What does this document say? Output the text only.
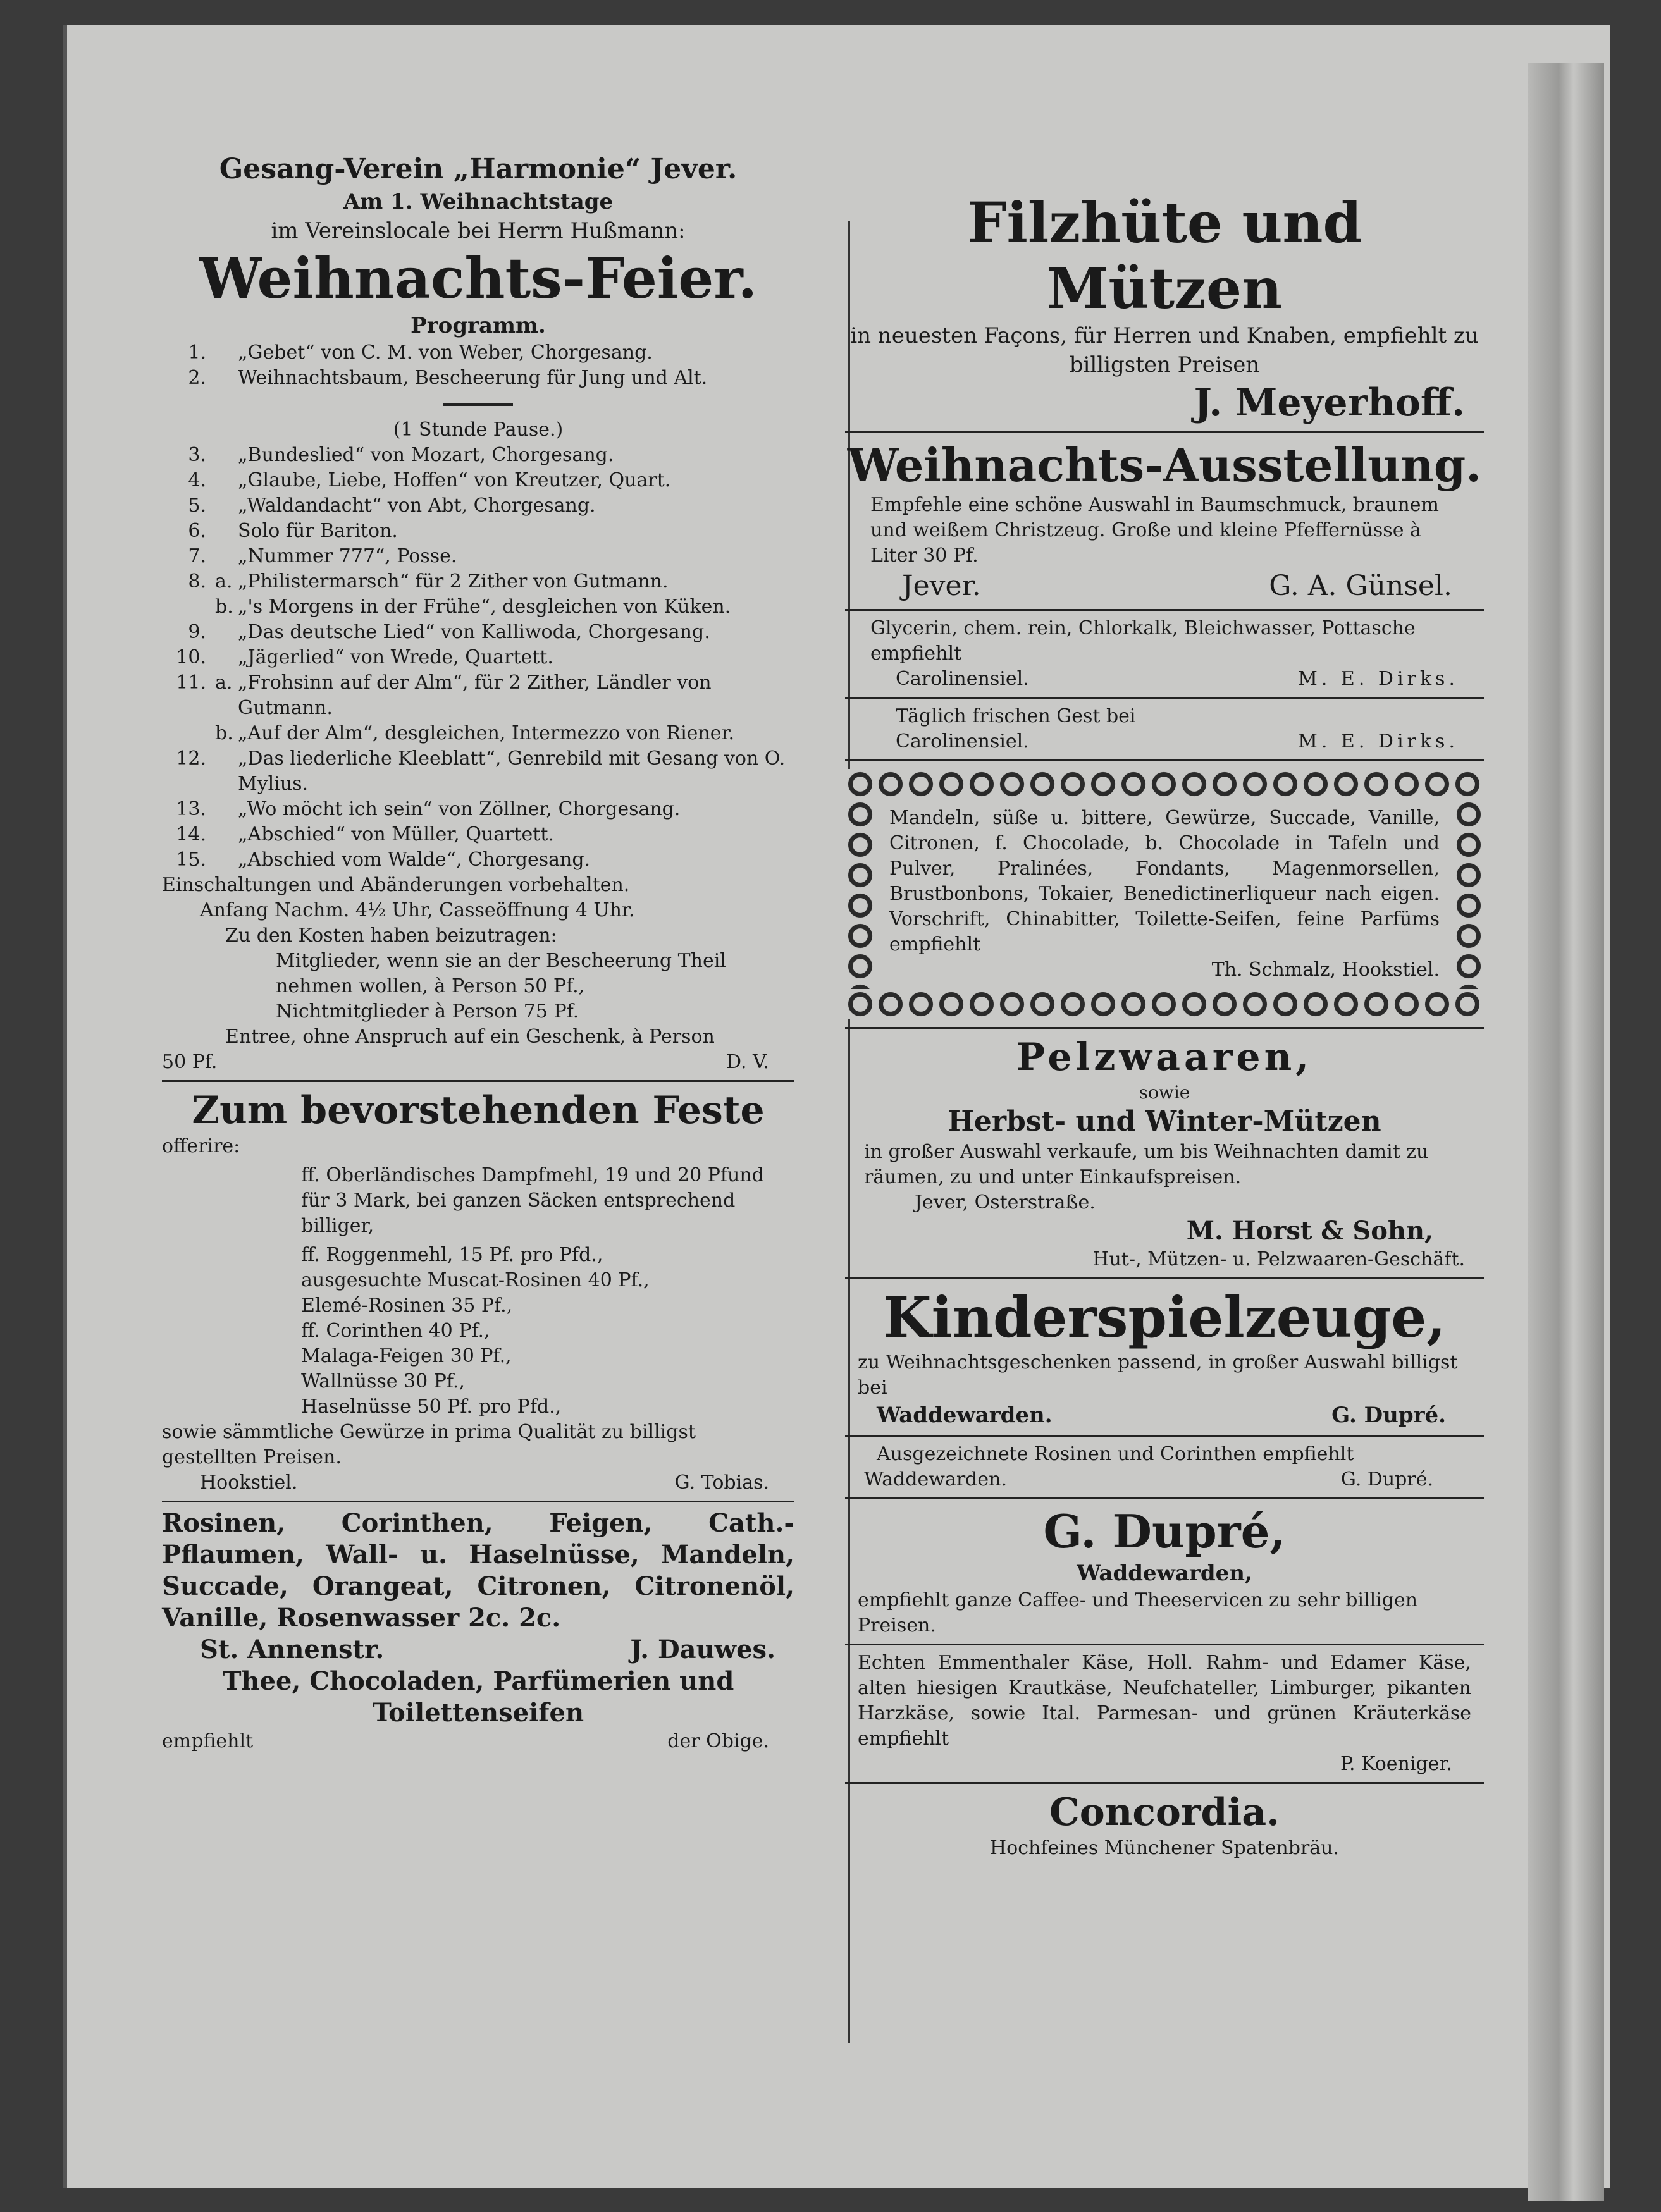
Gesang-Verein „Harmonie“ Jever.
Am 1. Weihnachtstage
im Vereinslocale bei Herrn Hußmann:
Weihnachts-Feier.
Programm.
1.	„Gebet“ von C. M. von Weber, Chorgesang.
2.	Weihnachtsbaum, Bescheerung für Jung und Alt.
(1 Stunde Pause.)
3.	„Bundeslied“ von Mozart, Chorgesang.
4.	„Glaube, Liebe, Hoffen“ von Kreutzer, Quart.
5.	„Waldandacht“ von Abt, Chorgesang.
6.	Solo für Bariton.
7.	„Nummer 777“, Posse.
8. a. „Philistermarsch“ für 2 Zither von Gutmann.
b. „'s Morgens in der Frühe“, desgleichen von Küken.
9.	„Das deutsche Lied“ von Kalliwoda, Chorgesang.
10.	„Jägerlied“ von Wrede, Quartett.
11. a. „Frohsinn auf der Alm“, für 2 Zither, Ländler von Gutmann.
b. „Auf der Alm“, desgleichen, Intermezzo von Riener.
12.	„Das liederliche Kleeblatt“, Genrebild mit Gesang von O. Mylius.
13.	„Wo möcht ich sein“ von Zöllner, Chorgesang.
14.	„Abschied“ von Müller, Quartett.
15.	„Abschied vom Walde“, Chorgesang.
Einschaltungen und Abänderungen vorbehalten.
Anfang Nachm. 4½ Uhr, Casseöffnung 4 Uhr.
Zu den Kosten haben beizutragen:
Mitglieder, wenn sie an der Bescheerung Theil nehmen wollen, à Person 50 Pf.,
Nichtmitglieder à Person 75 Pf.
Entree, ohne Anspruch auf ein Geschenk, à Person
50 Pf.	D. V.
Zum bevorstehenden Feste
offerire:
ff. Oberländisches Dampfmehl, 19 und 20 Pfund für 3 Mark, bei ganzen Säcken entsprechend billiger,
ff. Roggenmehl, 15 Pf. pro Pfd.,
ausgesuchte Muscat-Rosinen 40 Pf.,
Elemé-Rosinen 35 Pf.,
ff. Corinthen 40 Pf.,
Malaga-Feigen 30 Pf.,
Wallnüsse 30 Pf.,
Haselnüsse 50 Pf. pro Pfd.,
sowie sämmtliche Gewürze in prima Qualität zu billigst gestellten Preisen.
Hookstiel.	G. Tobias.
Rosinen, Corinthen, Feigen, Cath.-Pflaumen, Wall- u. Haselnüsse, Mandeln, Succade, Orangeat, Citronen, Citronenöl, Vanille, Rosenwasser 2c. 2c.
St. Annenstr.	J. Dauwes.
Thee, Chocoladen, Parfümerien und Toilettenseifen
empfiehlt	der Obige.
Filzhüte und
Mützen
in neuesten Façons, für Herren und Knaben, empfiehlt zu billigsten Preisen
J. Meyerhoff.
Weihnachts-Ausstellung.
Empfehle eine schöne Auswahl in Baumschmuck, braunem und weißem Christzeug. Große und kleine Pfeffernüsse à Liter 30 Pf.
Jever.	G. A. Günsel.
Glycerin, chem. rein, Chlorkalk, Bleichwasser, Pottasche empfiehlt
Carolinensiel.	M. E. Dirks.
Täglich frischen Gest bei
Carolinensiel.	M. E. Dirks.
Mandeln, süße u. bittere, Gewürze, Succade, Vanille, Citronen, f. Chocolade, b. Chocolade in Tafeln und Pulver, Pralinées, Fondants, Magenmorsellen, Brustbonbons, Tokaier, Benedictinerliqueur nach eigen. Vorschrift, Chinabitter, Toilette-Seifen, feine Parfüms empfiehlt
Th. Schmalz, Hookstiel.
Pelzwaaren,
sowie
Herbst- und Winter-Mützen
in großer Auswahl verkaufe, um bis Weihnachten damit zu räumen, zu und unter Einkaufspreisen.
Jever, Osterstraße.
M. Horst & Sohn,
Hut-, Mützen- u. Pelzwaaren-Geschäft.
Kinderspielzeuge,
zu Weihnachtsgeschenken passend, in großer Auswahl billigst bei
Waddewarden.	G. Dupré.
Ausgezeichnete Rosinen und Corinthen empfiehlt
Waddewarden.	G. Dupré.
G. Dupré,
Waddewarden,
empfiehlt ganze Caffee- und Theeservicen zu sehr billigen Preisen.
Echten Emmenthaler Käse, Holl. Rahm- und Edamer Käse, alten hiesigen Krautkäse, Neufchateller, Limburger, pikanten Harzkäse, sowie Ital. Parmesan- und grünen Kräuterkäse empfiehlt
P. Koeniger.
Concordia.
Hochfeines Münchener Spatenbräu.
